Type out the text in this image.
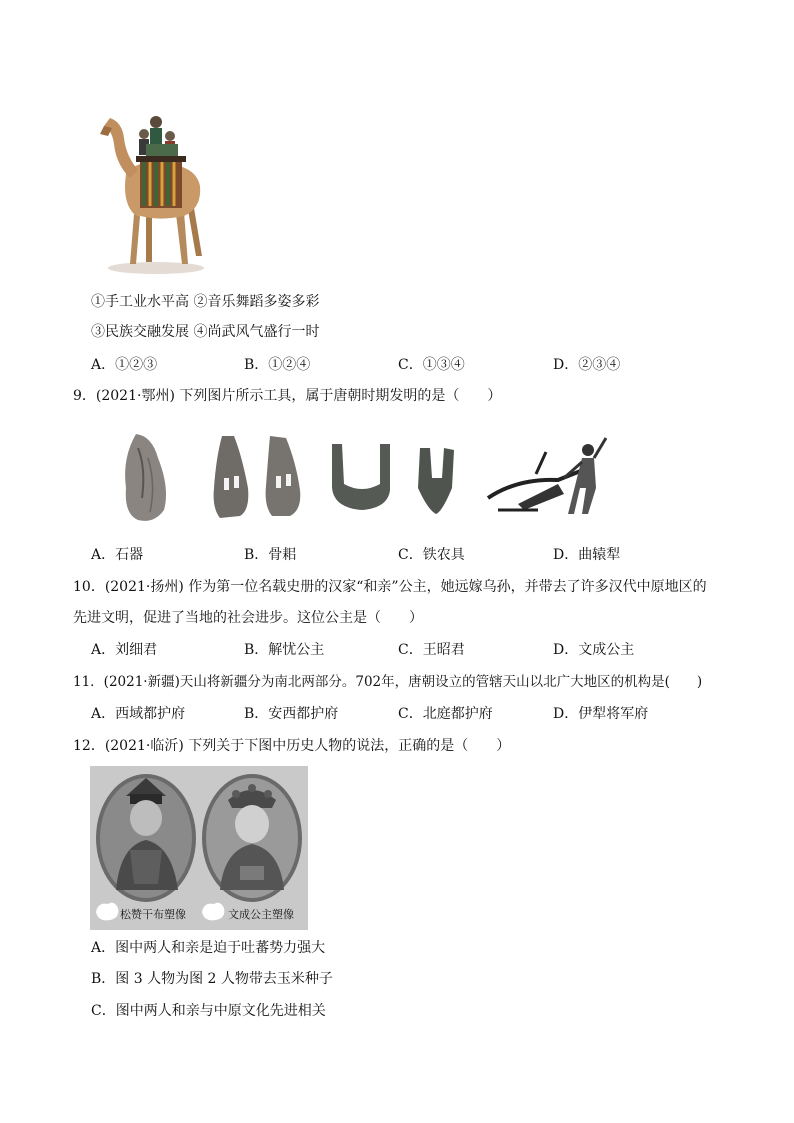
①手工业水平高 ②音乐舞蹈多姿多彩
③民族交融发展 ④尚武风气盛行一时
A．①②③	B．①②④	C．①③④	D．②③④
9．(2021·鄂州) 下列图片所示工具，属于唐朝时期发明的是（　　）
A．石器	B．骨耜	C．铁农具	D．曲辕犁
10．(2021·扬州) 作为第一位名载史册的汉家“和亲”公主，她远嫁乌孙，并带去了许多汉代中原地区的
先进文明，促进了当地的社会进步。这位公主是（　　）
A．刘细君	B．解忧公主	C．王昭君	D．文成公主
11．(2021·新疆)天山将新疆分为南北两部分。702年，唐朝设立的管辖天山以北广大地区的机构是(　　)
A．西域都护府	B．安西都护府	C．北庭都护府	D．伊犁将军府
12．(2021·临沂) 下列关于下图中历史人物的说法，正确的是（　　）
松赞干布塑像	文成公主塑像
A．图中两人和亲是迫于吐蕃势力强大
B．图 3 人物为图 2 人物带去玉米种子
C．图中两人和亲与中原文化先进相关
